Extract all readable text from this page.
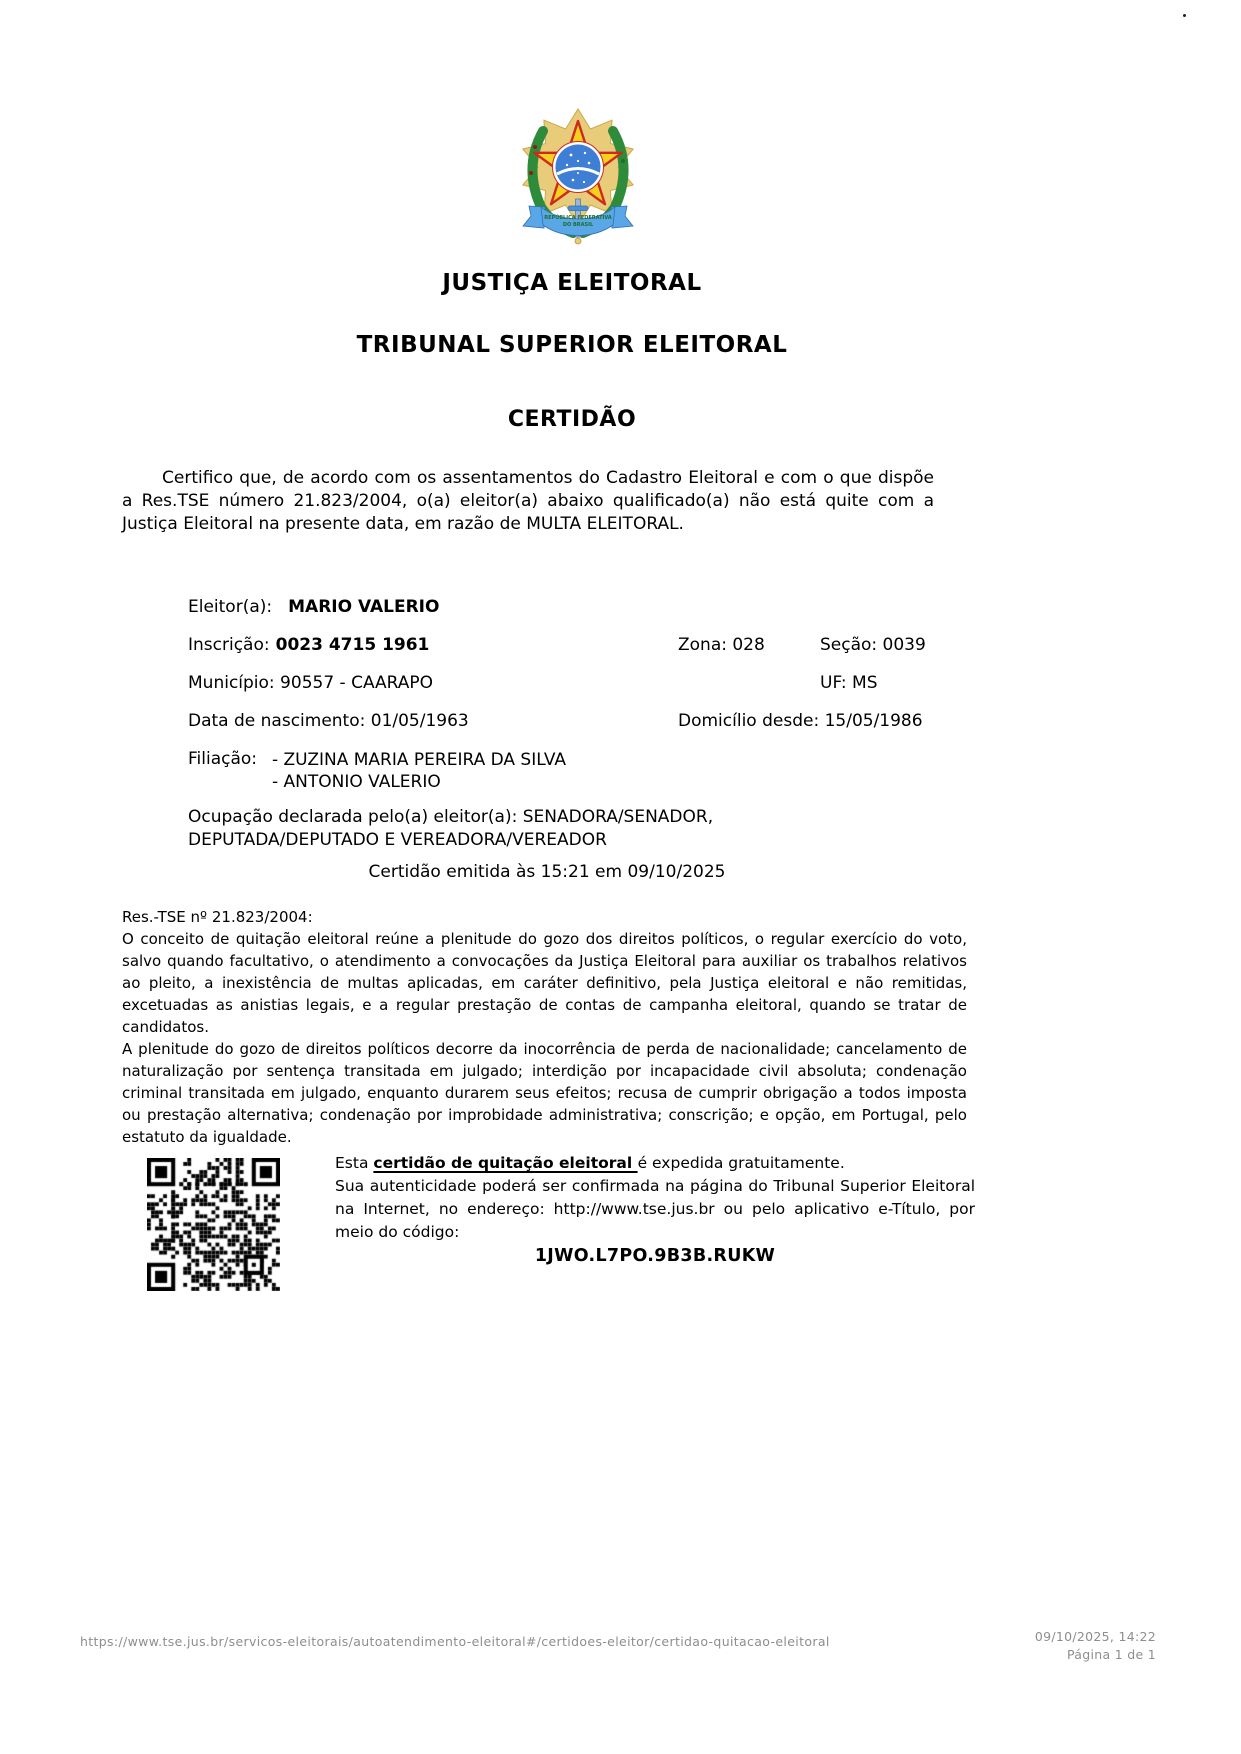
REPÚBLICA FEDERATIVA
DO BRASIL
JUSTIÇA ELEITORAL
TRIBUNAL SUPERIOR ELEITORAL
CERTIDÃO
Certifico que, de acordo com os assentamentos do Cadastro Eleitoral e com o que dispõe a Res.TSE número 21.823/2004, o(a) eleitor(a) abaixo qualificado(a) não está quite com a Justiça Eleitoral na presente data, em razão de MULTA ELEITORAL.
Eleitor(a): MARIO VALERIO
Inscrição: 0023 4715 1961	Zona: 028	Seção: 0039
Município: 90557 - CAARAPO	UF: MS
Data de nascimento: 01/05/1963	Domicílio desde: 15/05/1986
Filiação: - ZUZINA MARIA PEREIRA DA SILVA
- ANTONIO VALERIO
Ocupação declarada pelo(a) eleitor(a): SENADORA/SENADOR, DEPUTADA/DEPUTADO E VEREADORA/VEREADOR
Certidão emitida às 15:21 em 09/10/2025
Res.-TSE nº 21.823/2004:
O conceito de quitação eleitoral reúne a plenitude do gozo dos direitos políticos, o regular exercício do voto, salvo quando facultativo, o atendimento a convocações da Justiça Eleitoral para auxiliar os trabalhos relativos ao pleito, a inexistência de multas aplicadas, em caráter definitivo, pela Justiça eleitoral e não remitidas, excetuadas as anistias legais, e a regular prestação de contas de campanha eleitoral, quando se tratar de candidatos.
A plenitude do gozo de direitos políticos decorre da inocorrência de perda de nacionalidade; cancelamento de naturalização por sentença transitada em julgado; interdição por incapacidade civil absoluta; condenação criminal transitada em julgado, enquanto durarem seus efeitos; recusa de cumprir obrigação a todos imposta ou prestação alternativa; condenação por improbidade administrativa; conscrição; e opção, em Portugal, pelo estatuto da igualdade.
Esta certidão de quitação eleitoral é expedida gratuitamente.
Sua autenticidade poderá ser confirmada na página do Tribunal Superior Eleitoral na Internet, no endereço: http://www.tse.jus.br ou pelo aplicativo e-Título, por meio do código:
1JWO.L7PO.9B3B.RUKW
https://www.tse.jus.br/servicos-eleitorais/autoatendimento-eleitoral#/certidoes-eleitor/certidao-quitacao-eleitoral	09/10/2025, 14:22
Página 1 de 1
